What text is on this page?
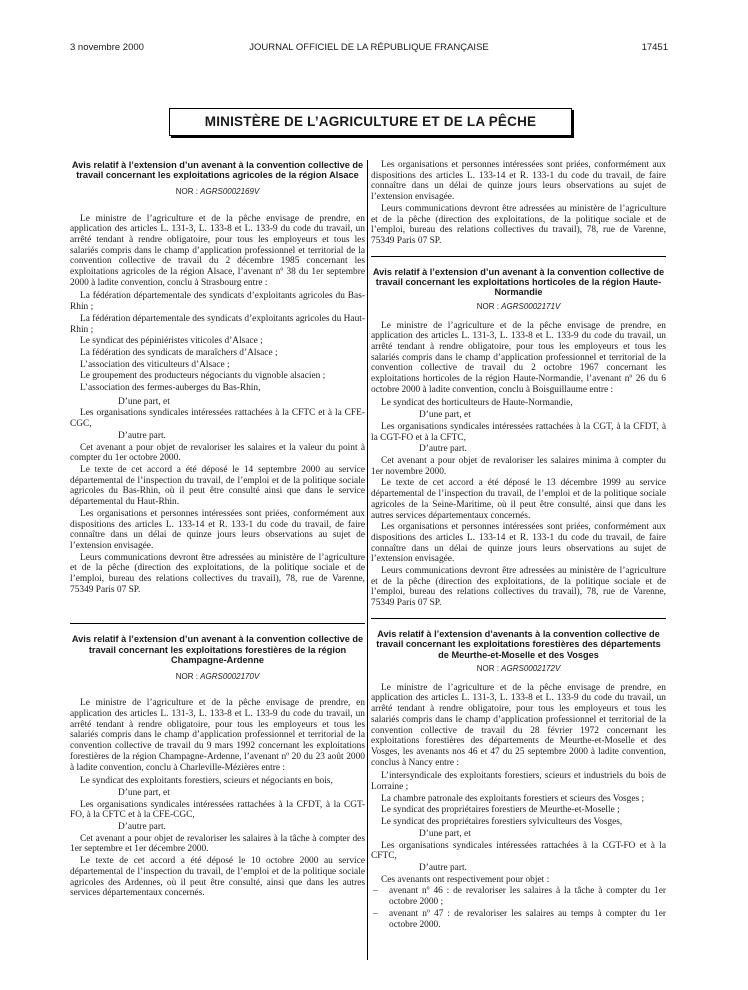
3 novembre 2000	JOURNAL OFFICIEL DE LA RÉPUBLIQUE FRANÇAISE	17451
MINISTÈRE DE L’AGRICULTURE ET DE LA PÊCHE
Avis relatif à l’extension d’un avenant à la convention collective de travail concernant les exploitations agricoles de la région Alsace
NOR : AGRS0002169V

Le ministre de l’agriculture et de la pêche envisage de prendre, en application des articles L. 131-3, L. 133-8 et L. 133-9 du code du travail, un arrêté tendant à rendre obligatoire, pour tous les employeurs et tous les salariés compris dans le champ d’application professionnel et territorial de la convention collective de travail du 2 décembre 1985 concernant les exploitations agricoles de la région Alsace, l’avenant nº 38 du 1er septembre 2000 à ladite convention, conclu à Strasbourg entre :

La fédération départementale des syndicats d’exploitants agricoles du Bas-Rhin ;

La fédération départementale des syndicats d’exploitants agricoles du Haut-Rhin ;

Le syndicat des pépiniéristes viticoles d’Alsace ;

La fédération des syndicats de maraîchers d’Alsace ;

L’association des viticulteurs d’Alsace ;

Le groupement des producteurs négociants du vignoble alsacien ;

L’association des fermes-auberges du Bas-Rhin,

D’une part, et

Les organisations syndicales intéressées rattachées à la CFTC et à la CFE-CGC,

D’autre part.

Cet avenant a pour objet de revaloriser les salaires et la valeur du point à compter du 1er octobre 2000.

Le texte de cet accord a été déposé le 14 septembre 2000 au service départemental de l’inspection du travail, de l’emploi et de la politique sociale agricoles du Bas-Rhin, où il peut être consulté ainsi que dans le service départemental du Haut-Rhin.

Les organisations et personnes intéressées sont priées, conformément aux dispositions des articles L. 133-14 et R. 133-1 du code du travail, de faire connaître dans un délai de quinze jours leurs observations au sujet de l’extension envisagée.

Leurs communications devront être adressées au ministère de l’agriculture et de la pêche (direction des exploitations, de la politique sociale et de l’emploi, bureau des relations collectives du travail), 78, rue de Varenne, 75349 Paris 07 SP.

Avis relatif à l’extension d’un avenant à la convention collective de travail concernant les exploitations forestières de la région Champagne-Ardenne
NOR : AGRS0002170V

Le ministre de l’agriculture et de la pêche envisage de prendre, en application des articles L. 131-3, L. 133-8 et L. 133-9 du code du travail, un arrêté tendant à rendre obligatoire, pour tous les employeurs et tous les salariés compris dans le champ d’application professionnel et territorial de la convention collective de travail du 9 mars 1992 concernant les exploitations forestières de la région Champagne-Ardenne, l’avenant nº 20 du 23 août 2000 à ladite convention, conclu à Charleville-Mézières entre :

Le syndicat des exploitants forestiers, scieurs et négociants en bois,

D’une part, et

Les organisations syndicales intéressées rattachées à la CFDT, à la CGT-FO, à la CFTC et à la CFE-CGC,

D’autre part.

Cet avenant a pour objet de revaloriser les salaires à la tâche à compter des 1er septembre et 1er décembre 2000.

Le texte de cet accord a été déposé le 10 octobre 2000 au service départemental de l’inspection du travail, de l’emploi et de la politique sociale agricoles des Ardennes, où il peut être consulté, ainsi que dans les autres services départementaux concernés.

Les organisations et personnes intéressées sont priées, conformément aux dispositions des articles L. 133-14 et R. 133-1 du code du travail, de faire connaître dans un délai de quinze jours leurs observations au sujet de l’extension envisagée.

Leurs communications devront être adressées au ministère de l’agriculture et de la pêche (direction des exploitations, de la politique sociale et de l’emploi, bureau des relations collectives du travail), 78, rue de Varenne, 75349 Paris 07 SP.

Avis relatif à l’extension d’un avenant à la convention collective de travail concernant les exploitations horticoles de la région Haute-Normandie
NOR : AGRS0002171V

Le ministre de l’agriculture et de la pêche envisage de prendre, en application des articles L. 131-3, L. 133-8 et L. 133-9 du code du travail, un arrêté tendant à rendre obligatoire, pour tous les employeurs et tous les salariés compris dans le champ d’application professionnel et territorial de la convention collective de travail du 2 octobre 1967 concernant les exploitations horticoles de la région Haute-Normandie, l’avenant nº 26 du 6 octobre 2000 à ladite convention, conclu à Boisguillaume entre :

Le syndicat des horticulteurs de Haute-Normandie,

D’une part, et

Les organisations syndicales intéressées rattachées à la CGT, à la CFDT, à la CGT-FO et à la CFTC,

D’autre part.

Cet avenant a pour objet de revaloriser les salaires minima à compter du 1er novembre 2000.

Le texte de cet accord a été déposé le 13 décembre 1999 au service départemental de l’inspection du travail, de l’emploi et de la politique sociale agricoles de la Seine-Maritime, où il peut être consulté, ainsi que dans les autres services départementaux concernés.

Les organisations et personnes intéressées sont priées, conformément aux dispositions des articles L. 133-14 et R. 133-1 du code du travail, de faire connaître dans un délai de quinze jours leurs observations au sujet de l’extension envisagée.

Leurs communications devront être adressées au ministère de l’agriculture et de la pêche (direction des exploitations, de la politique sociale et de l’emploi, bureau des relations collectives du travail), 78, rue de Varenne, 75349 Paris 07 SP.

Avis relatif à l’extension d’avenants à la convention collective de travail concernant les exploitations forestières des départements de Meurthe-et-Moselle et des Vosges
NOR : AGRS0002172V

Le ministre de l’agriculture et de la pêche envisage de prendre, en application des articles L. 131-3, L. 133-8 et L. 133-9 du code du travail, un arrêté tendant à rendre obligatoire, pour tous les employeurs et tous les salariés compris dans le champ d’application professionnel et territorial de la convention collective de travail du 28 février 1972 concernant les exploitations forestières des départements de Meurthe-et-Moselle et des Vosges, les avenants nos 46 et 47 du 25 septembre 2000 à ladite convention, conclus à Nancy entre :

L’intersyndicale des exploitants forestiers, scieurs et industriels du bois de Lorraine ;

La chambre patronale des exploitants forestiers et scieurs des Vosges ;

Le syndicat des propriétaires forestiers de Meurthe-et-Moselle ;

Le syndicat des propriétaires forestiers sylviculteurs des Vosges,

D’une part, et

Les organisations syndicales intéressées rattachées à la CGT-FO et à la CFTC,

D’autre part.

Ces avenants ont respectivement pour objet :

– avenant nº 46 : de revaloriser les salaires à la tâche à compter du 1er octobre 2000 ;
– avenant nº 47 : de revaloriser les salaires au temps à compter du 1er octobre 2000.
